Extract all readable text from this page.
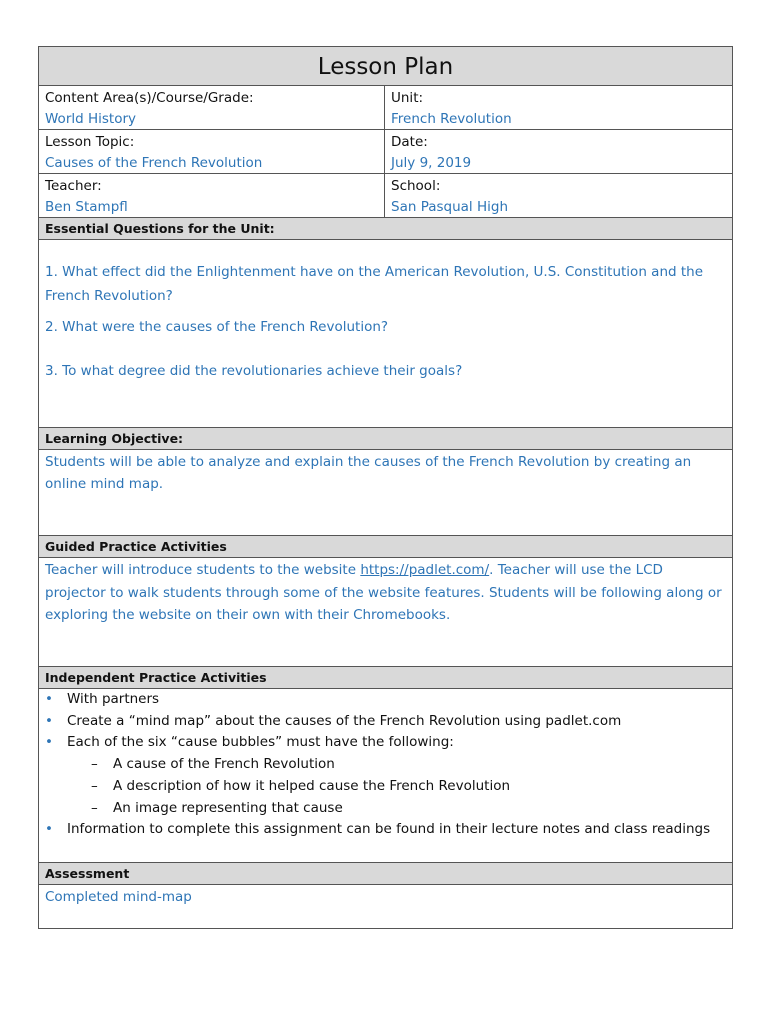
Lesson Plan
Content Area(s)/Course/Grade:
World History
Unit:
French Revolution
Lesson Topic:
Causes of the French Revolution
Date:
July 9, 2019
Teacher:
Ben Stampfl
School:
San Pasqual High
Essential Questions for the Unit:

1. What effect did the Enlightenment have on the American Revolution, U.S. Constitution and the French Revolution?

2. What were the causes of the French Revolution?

3. To what degree did the revolutionaries achieve their goals?

Learning Objective:
Students will be able to analyze and explain the causes of the French Revolution by creating an online mind map.
Guided Practice Activities
Teacher will introduce students to the website https://padlet.com/. Teacher will use the LCD projector to walk students through some of the website features. Students will be following along or exploring the website on their own with their Chromebooks.
Independent Practice Activities
• With partners
• Create a “mind map” about the causes of the French Revolution using padlet.com
• Each of the six “cause bubbles” must have the following:
– A cause of the French Revolution
– A description of how it helped cause the French Revolution
– An image representing that cause
• Information to complete this assignment can be found in their lecture notes and class readings
Assessment
Completed mind-map
